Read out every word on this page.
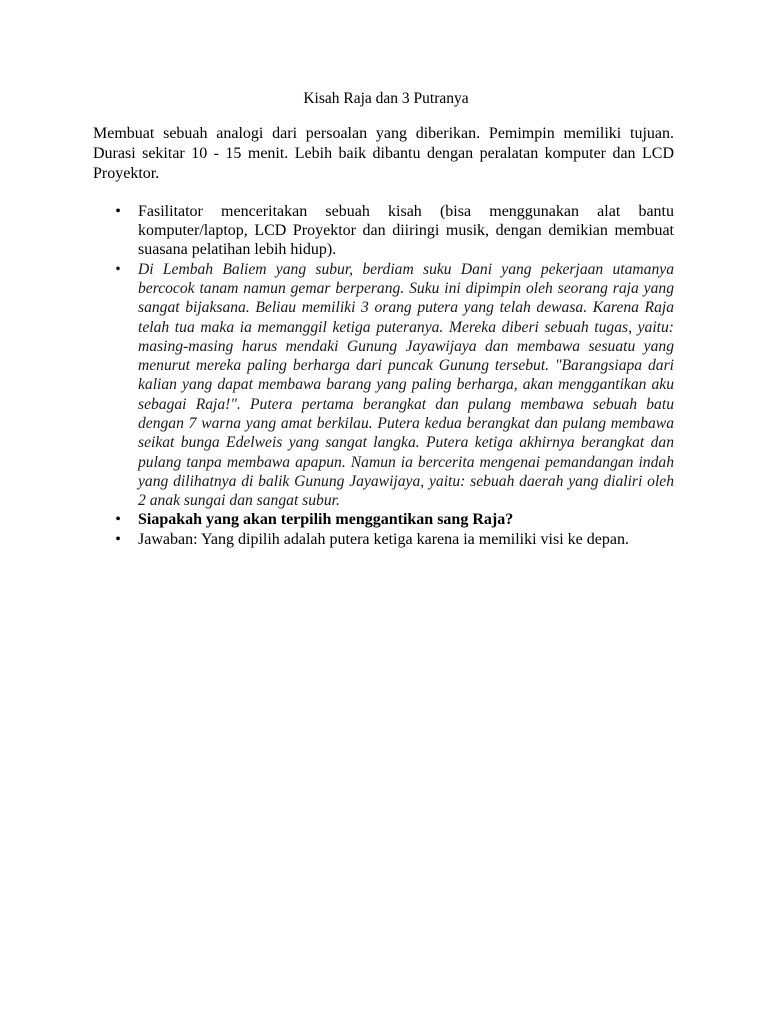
Kisah Raja dan 3 Putranya

Membuat sebuah analogi dari persoalan yang diberikan. Pemimpin memiliki tujuan. Durasi sekitar 10 - 15 menit. Lebih baik dibantu dengan peralatan komputer dan LCD Proyektor.

• Fasilitator menceritakan sebuah kisah (bisa menggunakan alat bantu komputer/laptop, LCD Proyektor dan diiringi musik, dengan demikian membuat suasana pelatihan lebih hidup).
• Di Lembah Baliem yang subur, berdiam suku Dani yang pekerjaan utamanya bercocok tanam namun gemar berperang. Suku ini dipimpin oleh seorang raja yang sangat bijaksana. Beliau memiliki 3 orang putera yang telah dewasa. Karena Raja telah tua maka ia memanggil ketiga puteranya. Mereka diberi sebuah tugas, yaitu: masing-masing harus mendaki Gunung Jayawijaya dan membawa sesuatu yang menurut mereka paling berharga dari puncak Gunung tersebut. "Barangsiapa dari kalian yang dapat membawa barang yang paling berharga, akan menggantikan aku sebagai Raja!". Putera pertama berangkat dan pulang membawa sebuah batu dengan 7 warna yang amat berkilau. Putera kedua berangkat dan pulang membawa seikat bunga Edelweis yang sangat langka. Putera ketiga akhirnya berangkat dan pulang tanpa membawa apapun. Namun ia bercerita mengenai pemandangan indah yang dilihatnya di balik Gunung Jayawijaya, yaitu: sebuah daerah yang dialiri oleh 2 anak sungai dan sangat subur.
• Siapakah yang akan terpilih menggantikan sang Raja?
• Jawaban: Yang dipilih adalah putera ketiga karena ia memiliki visi ke depan.
